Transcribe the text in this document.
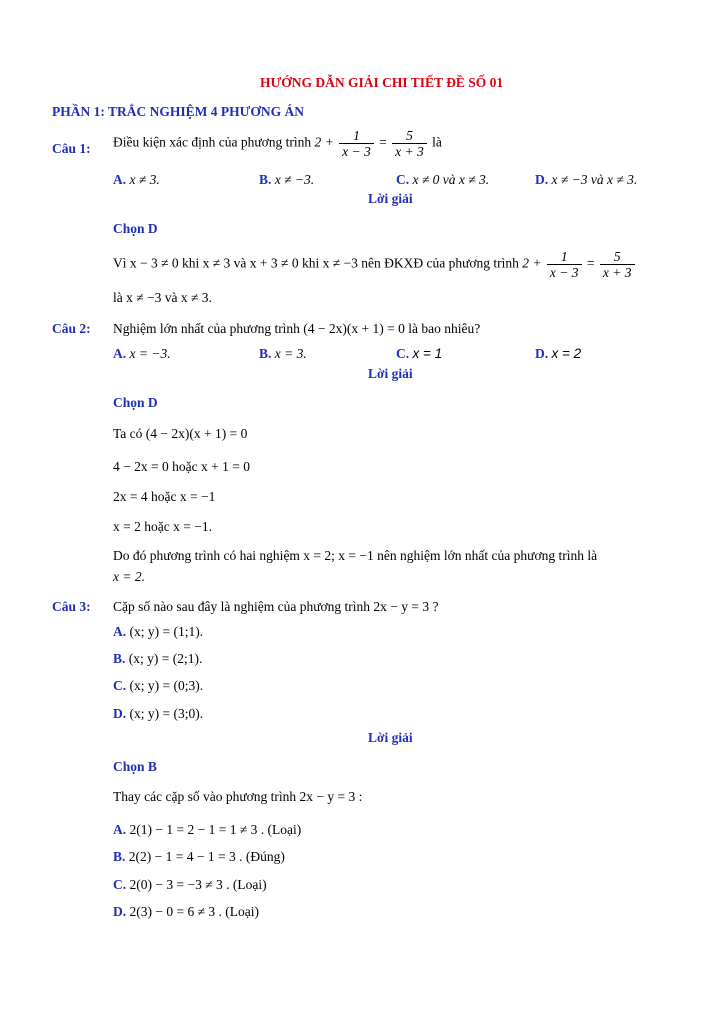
HƯỚNG DẪN GIẢI CHI TIẾT ĐỀ SỐ 01
PHẦN 1: TRẮC NGHIỆM 4 PHƯƠNG ÁN
Câu 1: Điều kiện xác định của phương trình $2 + \frac{1}{x - 3} = \frac{5}{x + 3}$ là
A. x ≠ 3.	B. x ≠ −3.	C. x ≠ 0 và x ≠ 3.	D. x ≠ −3 và x ≠ 3.
Lời giải
Chọn D
Vì x − 3 ≠ 0 khi x ≠ 3 và x + 3 ≠ 0 khi x ≠ −3 nên ĐKXĐ của phương trình $2 + \frac{1}{x - 3} = \frac{5}{x + 3}$
là x ≠ −3 và x ≠ 3.
Câu 2: Nghiệm lớn nhất của phương trình (4 − 2x)(x + 1) = 0 là bao nhiêu?
A. x = −3.	B. x = 3.	C. x = 1	D. x = 2
Lời giải
Chọn D
Ta có (4 − 2x)(x + 1) = 0
4 − 2x = 0 hoặc x + 1 = 0
2x = 4 hoặc x = −1
x = 2 hoặc x = −1.
Do đó phương trình có hai nghiệm x = 2; x = −1 nên nghiệm lớn nhất của phương trình là
x = 2.
Câu 3: Cặp số nào sau đây là nghiệm của phương trình 2x − y = 3 ?
A. (x; y) = (1;1).
B. (x; y) = (2;1).
C. (x; y) = (0;3).
D. (x; y) = (3;0).
Lời giải
Chọn B
Thay các cặp số vào phương trình 2x − y = 3 :
A. 2(1) − 1 = 2 − 1 = 1 ≠ 3 . (Loại)
B. 2(2) − 1 = 4 − 1 = 3 . (Đúng)
C. 2(0) − 3 = −3 ≠ 3 . (Loại)
D. 2(3) − 0 = 6 ≠ 3 . (Loại)
